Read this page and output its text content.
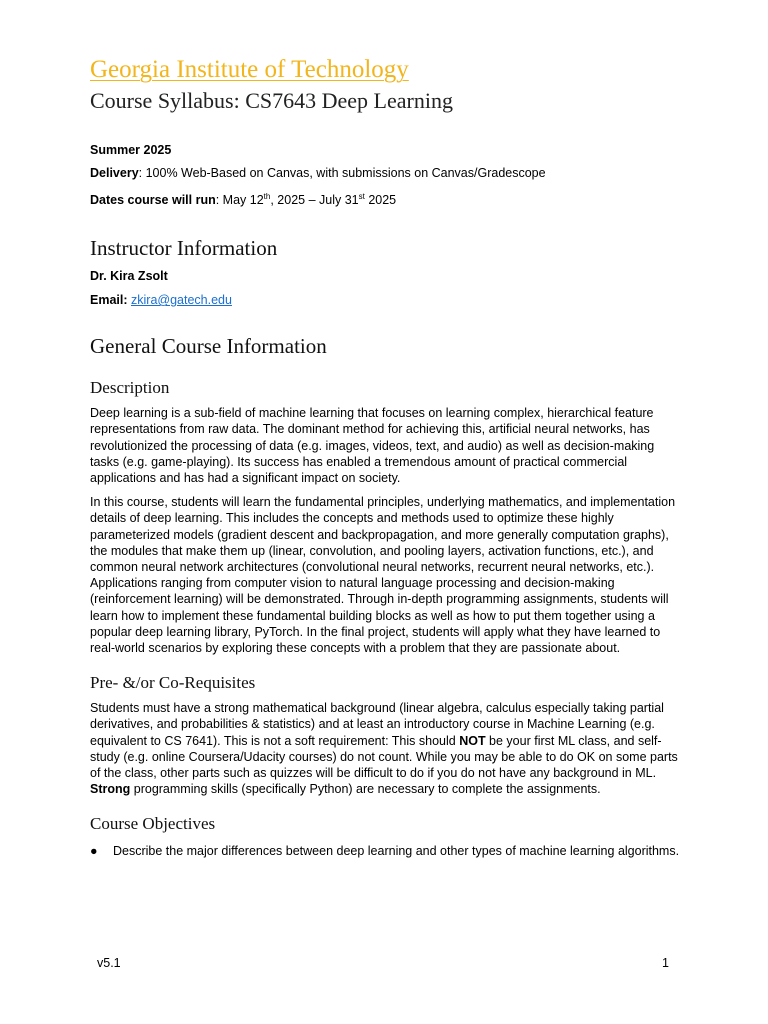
Georgia Institute of Technology

Course Syllabus: CS7643 Deep Learning

Summer 2025

Delivery: 100% Web-Based on Canvas, with submissions on Canvas/Gradescope

Dates course will run: May 12th, 2025 – July 31st 2025

Instructor Information

Dr. Kira Zsolt

Email: zkira@gatech.edu

General Course Information
Description

Deep learning is a sub-field of machine learning that focuses on learning complex, hierarchical feature representations from raw data. The dominant method for achieving this, artificial neural networks, has revolutionized the processing of data (e.g. images, videos, text, and audio) as well as decision-making tasks (e.g. game-playing). Its success has enabled a tremendous amount of practical commercial applications and has had a significant impact on society.

In this course, students will learn the fundamental principles, underlying mathematics, and implementation details of deep learning. This includes the concepts and methods used to optimize these highly parameterized models (gradient descent and backpropagation, and more generally computation graphs), the modules that make them up (linear, convolution, and pooling layers, activation functions, etc.), and common neural network architectures (convolutional neural networks, recurrent neural networks, etc.). Applications ranging from computer vision to natural language processing and decision-making (reinforcement learning) will be demonstrated. Through in-depth programming assignments, students will learn how to implement these fundamental building blocks as well as how to put them together using a popular deep learning library, PyTorch. In the final project, students will apply what they have learned to real-world scenarios by exploring these concepts with a problem that they are passionate about.

Pre- &/or Co-Requisites

Students must have a strong mathematical background (linear algebra, calculus especially taking partial derivatives, and probabilities & statistics) and at least an introductory course in Machine Learning (e.g. equivalent to CS 7641). This is not a soft requirement: This should NOT be your first ML class, and self-study (e.g. online Coursera/Udacity courses) do not count. While you may be able to do OK on some parts of the class, other parts such as quizzes will be difficult to do if you do not have any background in ML. Strong programming skills (specifically Python) are necessary to complete the assignments.

Course Objectives
● Describe the major differences between deep learning and other types of machine learning algorithms.
v5.1	1
